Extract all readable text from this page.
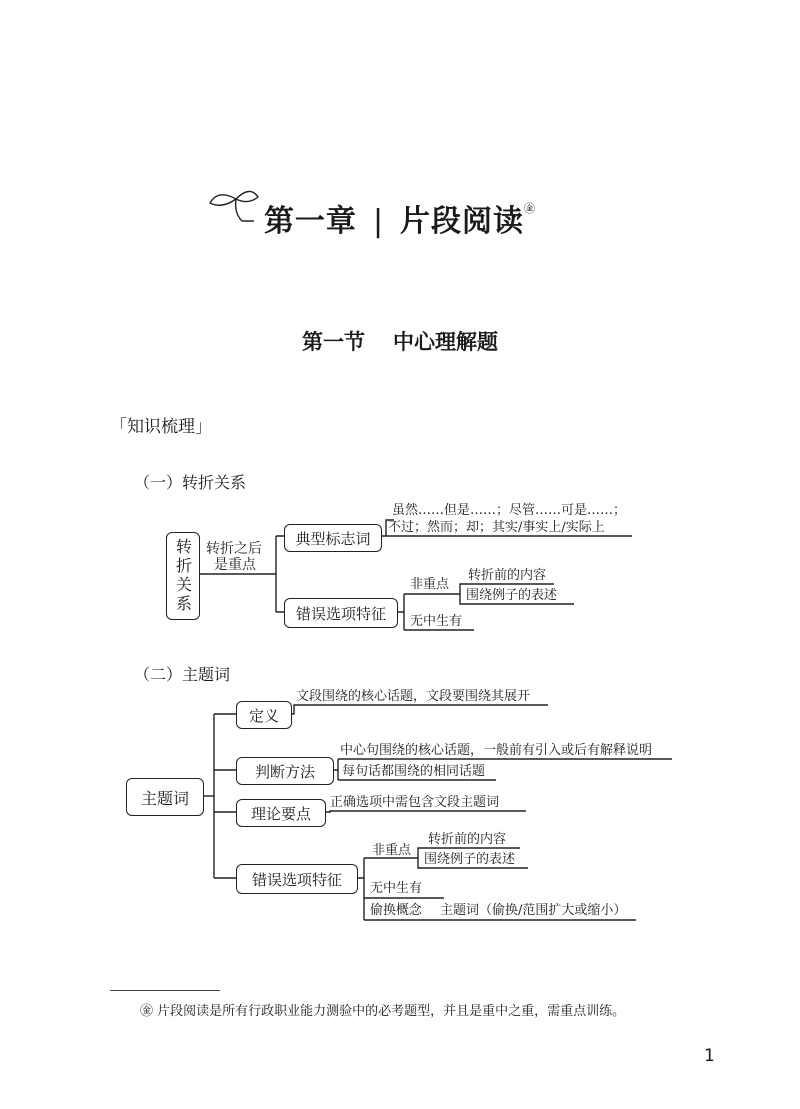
第一章 | 片段阅读㊎
第一节 中心理解题
「知识梳理」
（一）转折关系
转折关系 转折之后
是重点
典型标志词
虽然……但是……；尽管……可是……；
不过；然而；却；其实/事实上/实际上
错误选项特征
非重点
转折前的内容
围绕例子的表述
无中生有
（二）主题词
主题词
定义
文段围绕的核心话题，文段要围绕其展开
判断方法
中心句围绕的核心话题，一般前有引入或后有解释说明
每句话都围绕的相同话题
理论要点
正确选项中需包含文段主题词
错误选项特征
非重点
转折前的内容
围绕例子的表述
无中生有
偷换概念 主题词（偷换/范围扩大或缩小）
㊎ 片段阅读是所有行政职业能力测验中的必考题型，并且是重中之重，需重点训练。
1
